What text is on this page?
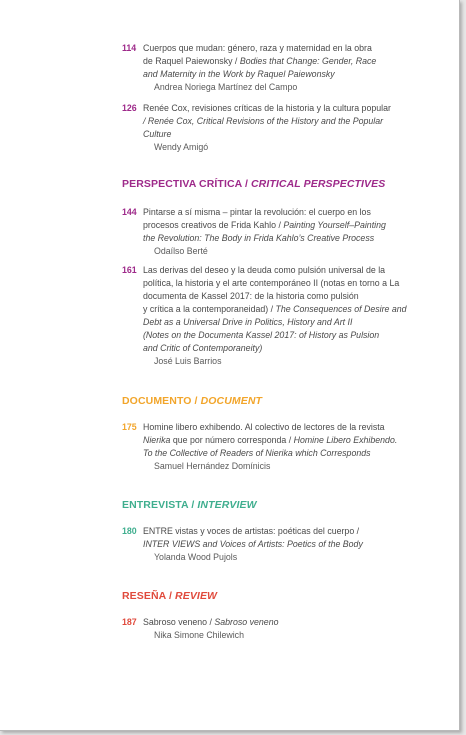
114 Cuerpos que mudan: género, raza y maternidad en la obra
de Raquel Paiewonsky / Bodies that Change: Gender, Race
and Maternity in the Work by Raquel Paiewonsky
Andrea Noriega Martínez del Campo
126 Renée Cox, revisiones críticas de la historia y la cultura popular
/ Renée Cox, Critical Revisions of the History and the Popular
Culture
Wendy Amigó
PERSPECTIVA CRÍTICA / CRITICAL PERSPECTIVES
144 Pintarse a sí misma – pintar la revolución: el cuerpo en los
procesos creativos de Frida Kahlo / Painting Yourself–Painting
the Revolution: The Body in Frida Kahlo’s Creative Process
Odaílso Berté
161 Las derivas del deseo y la deuda como pulsión universal de la
política, la historia y el arte contemporáneo II (notas en torno a La
documenta de Kassel 2017: de la historia como pulsión
y crítica a la contemporaneidad) / The Consequences of Desire and
Debt as a Universal Drive in Politics, History and Art II
(Notes on the Documenta Kassel 2017: of History as Pulsion
and Critic of Contemporaneity)
José Luis Barrios
DOCUMENTO / DOCUMENT
175 Homine libero exhibendo. Al colectivo de lectores de la revista
Nierika que por número corresponda / Homine Libero Exhibendo.
To the Collective of Readers of Nierika which Corresponds
Samuel Hernández Domínicis
ENTREVISTA / INTERVIEW
180 ENTRE vistas y voces de artistas: poéticas del cuerpo /
INTER VIEWS and Voices of Artists: Poetics of the Body
Yolanda Wood Pujols
RESEÑA / REVIEW
187 Sabroso veneno / Sabroso veneno
Nika Simone Chilewich
